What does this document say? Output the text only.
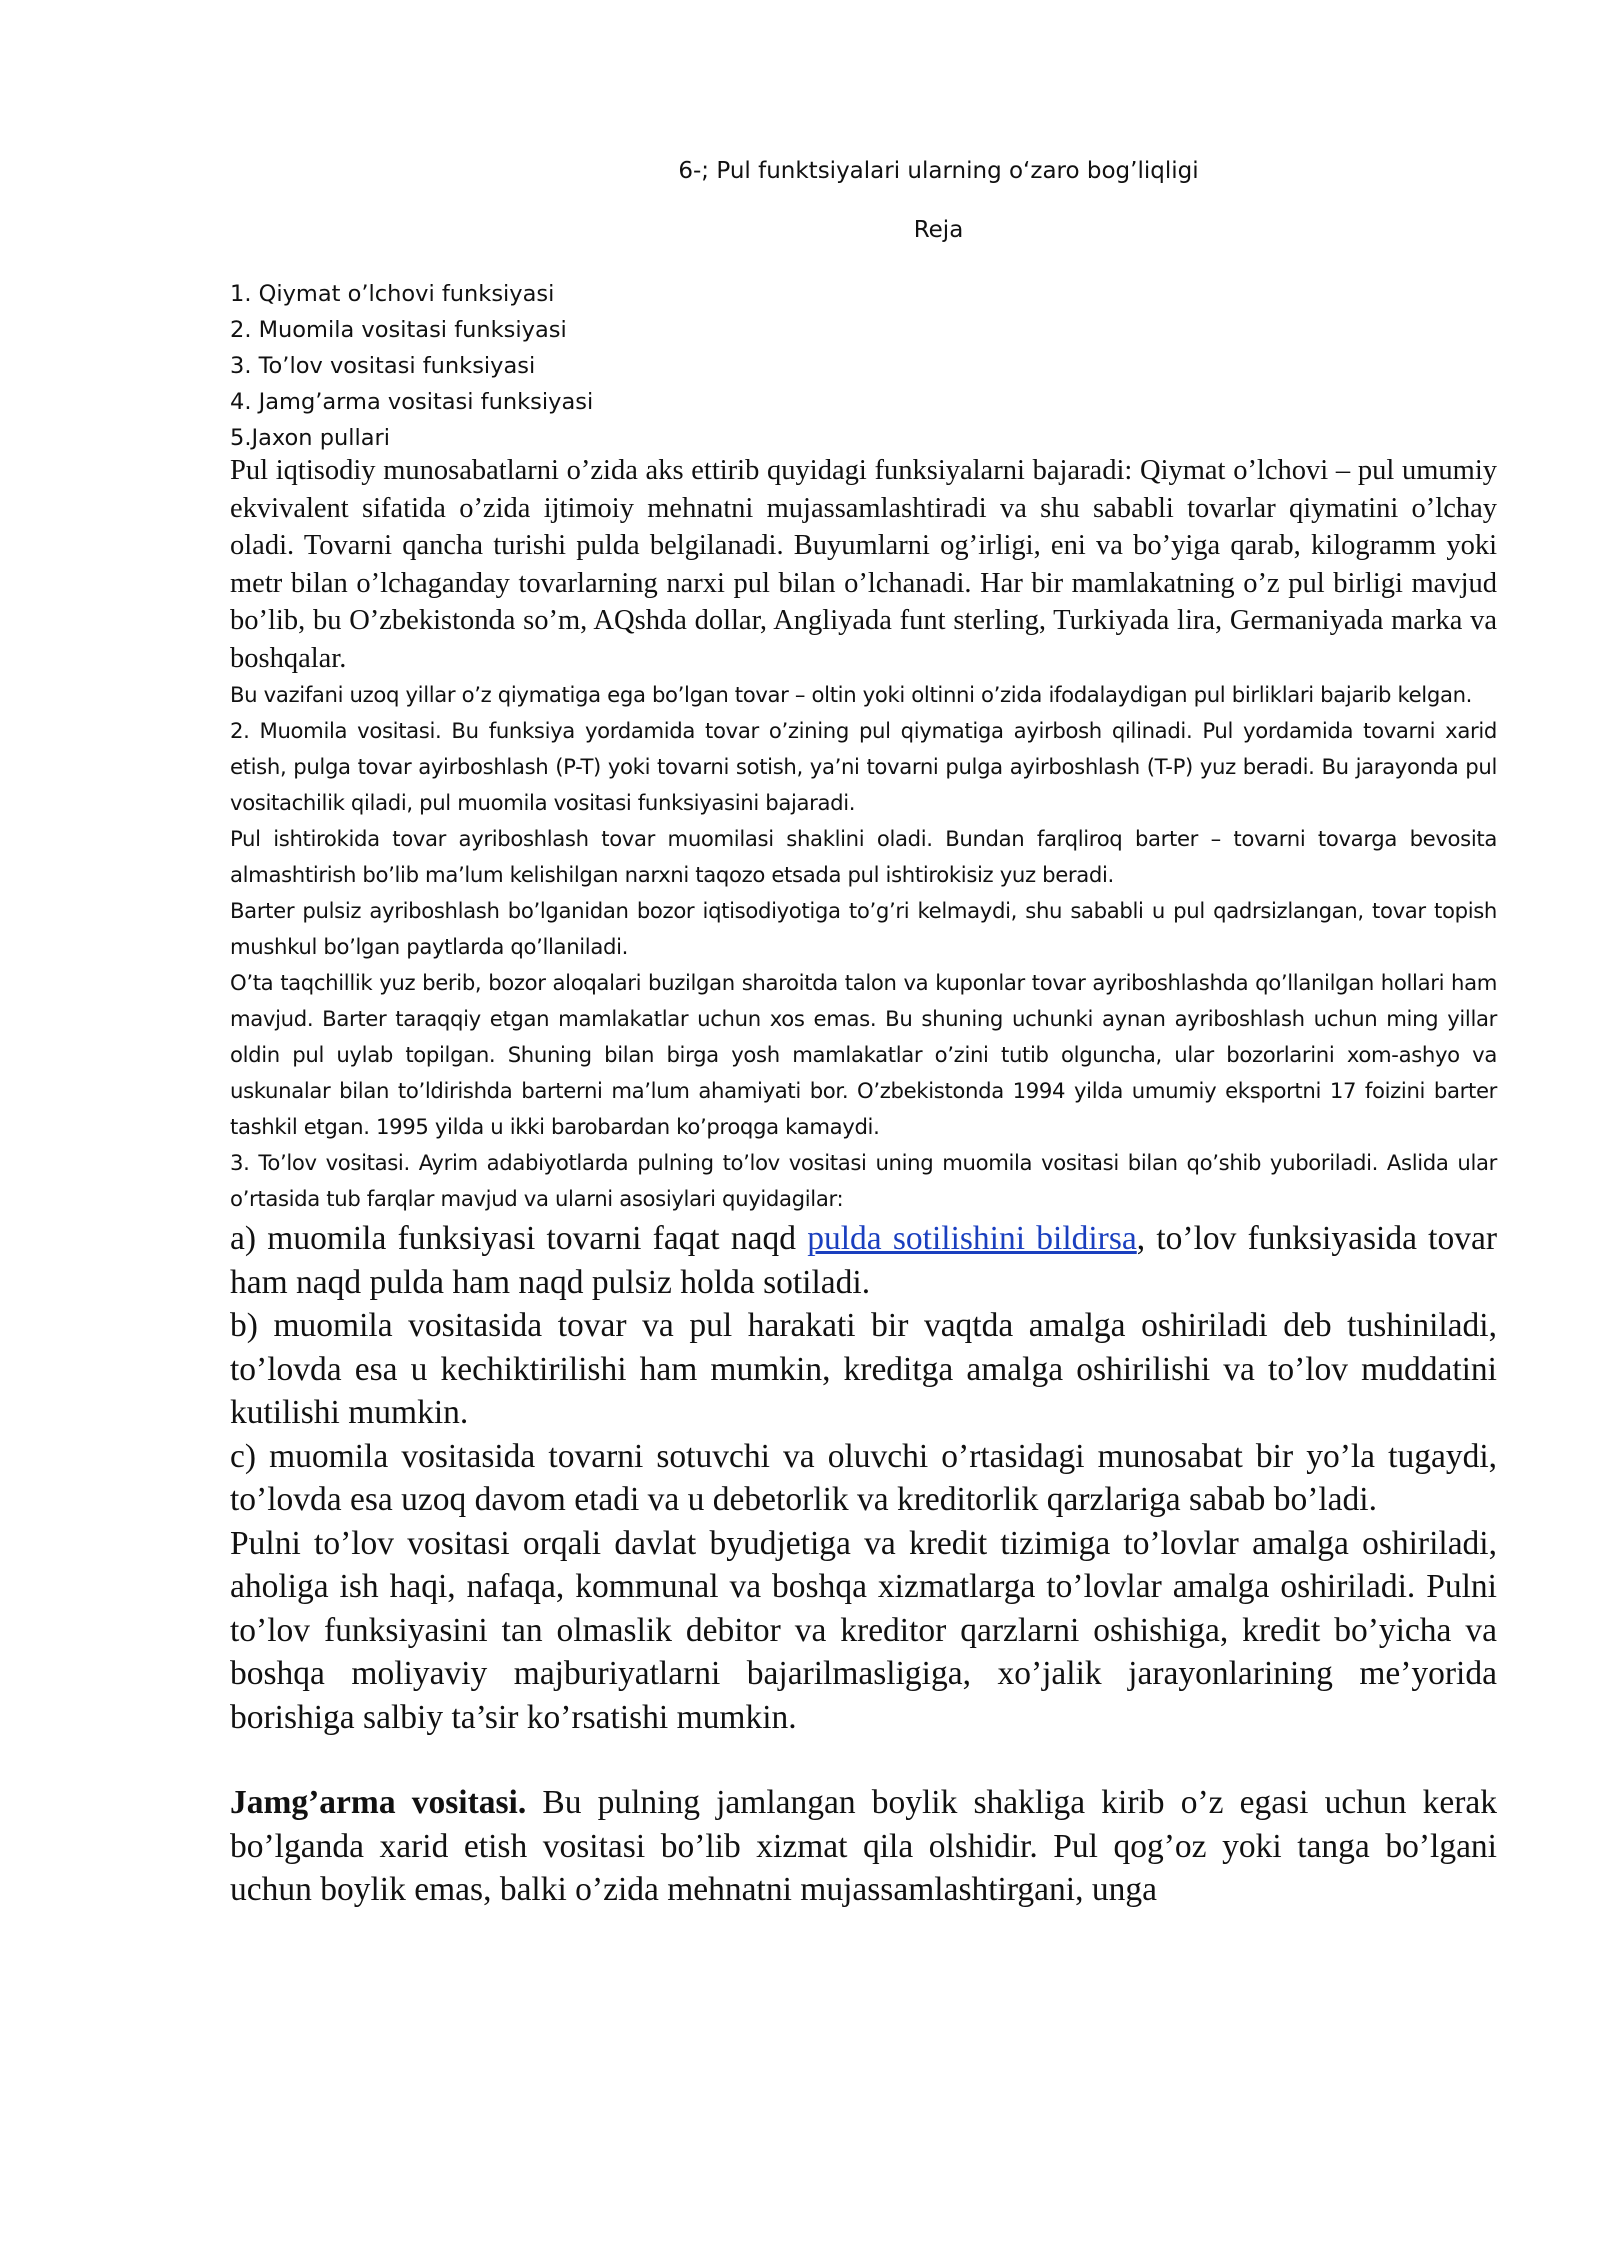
6-; Pul funktsiyalari ularning o‘zaro bog’liqligi
Reja
1. Qiymat o’lchovi funksiyasi
2. Muomila vositasi funksiyasi
3. To’lov vositasi funksiyasi
4. Jamg’arma vositasi funksiyasi
5.Jaxon pullari

Pul iqtisodiy munosabatlarni o’zida aks ettirib quyidagi funksiyalarni bajaradi: Qiymat o’lchovi – pul umumiy ekvivalent sifatida o’zida ijtimoiy mehnatni mujassamlashtiradi va shu sababli tovarlar qiymatini o’lchay oladi. Tovarni qancha turishi pulda belgilanadi. Buyumlarni og’irligi, eni va bo’yiga qarab, kilogramm yoki metr bilan o’lchaganday tovarlarning narxi pul bilan o’lchanadi. Har bir mamlakatning o’z pul birligi mavjud bo’lib, bu O’zbekistonda so’m, AQshda dollar, Angliyada funt sterling, Turkiyada lira, Germaniyada marka va boshqalar.

Bu vazifani uzoq yillar o’z qiymatiga ega bo’lgan tovar – oltin yoki oltinni o’zida ifodalaydigan pul birliklari bajarib kelgan.

2. Muomila vositasi. Bu funksiya yordamida tovar o’zining pul qiymatiga ayirbosh qilinadi. Pul yordamida tovarni xarid etish, pulga tovar ayirboshlash (P-T) yoki tovarni sotish, ya’ni tovarni pulga ayirboshlash (T-P) yuz beradi. Bu jarayonda pul vositachilik qiladi, pul muomila vositasi funksiyasini bajaradi.

Pul ishtirokida tovar ayriboshlash tovar muomilasi shaklini oladi. Bundan farqliroq barter – tovarni tovarga bevosita almashtirish bo’lib ma’lum kelishilgan narxni taqozo etsada pul ishtirokisiz yuz beradi.

Barter pulsiz ayriboshlash bo’lganidan bozor iqtisodiyotiga to’g’ri kelmaydi, shu sababli u pul qadrsizlangan, tovar topish mushkul bo’lgan paytlarda qo’llaniladi.

O’ta taqchillik yuz berib, bozor aloqalari buzilgan sharoitda talon va kuponlar tovar ayriboshlashda qo’llanilgan hollari ham mavjud. Barter taraqqiy etgan mamlakatlar uchun xos emas. Bu shuning uchunki aynan ayriboshlash uchun ming yillar oldin pul uylab topilgan. Shuning bilan birga yosh mamlakatlar o’zini tutib olguncha, ular bozorlarini xom-ashyo va uskunalar bilan to’ldirishda barterni ma’lum ahamiyati bor. O’zbekistonda 1994 yilda umumiy eksportni 17 foizini barter tashkil etgan. 1995 yilda u ikki barobardan ko’proqga kamaydi.

3. To’lov vositasi. Ayrim adabiyotlarda pulning to’lov vositasi uning muomila vositasi bilan qo’shib yuboriladi. Aslida ular o’rtasida tub farqlar mavjud va ularni asosiylari quyidagilar:

a) muomila funksiyasi tovarni faqat naqd pulda sotilishini bildirsa, to’lov funksiyasida tovar ham naqd pulda ham naqd pulsiz holda sotiladi.

b) muomila vositasida tovar va pul harakati bir vaqtda amalga oshiriladi deb tushiniladi, to’lovda esa u kechiktirilishi ham mumkin, kreditga amalga oshirilishi va to’lov muddatini kutilishi mumkin.

c) muomila vositasida tovarni sotuvchi va oluvchi o’rtasidagi munosabat bir yo’la tugaydi, to’lovda esa uzoq davom etadi va u debetorlik va kreditorlik qarzlariga sabab bo’ladi.

Pulni to’lov vositasi orqali davlat byudjetiga va kredit tizimiga to’lovlar amalga oshiriladi, aholiga ish haqi, nafaqa, kommunal va boshqa xizmatlarga to’lovlar amalga oshiriladi. Pulni to’lov funksiyasini tan olmaslik debitor va kreditor qarzlarni oshishiga, kredit bo’yicha va boshqa moliyaviy majburiyatlarni bajarilmasligiga, xo’jalik jarayonlarining me’yorida borishiga salbiy ta’sir ko’rsatishi mumkin.

Jamg’arma vositasi. Bu pulning jamlangan boylik shakliga kirib o’z egasi uchun kerak bo’lganda xarid etish vositasi bo’lib xizmat qila olshidir. Pul qog’oz yoki tanga bo’lgani uchun boylik emas, balki o’zida mehnatni mujassamlashtirgani, unga
